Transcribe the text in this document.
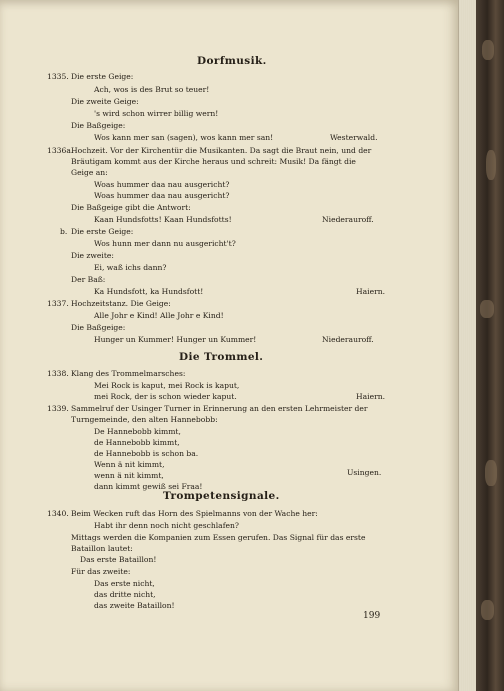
Dorfmusik.
Die Trommel.
Trompetensignale.
1335. Die erste Geige:
Ach, wos is des Brut so teuer!
Die zweite Geige:
's wird schon wirrer billig wern!
Die Baßgeige:
Wos kann mer san (sagen), wos kann mer san!	Westerwald.
1336a.
Hochzeit. Vor der Kirchentür die Musikanten. Da sagt die Braut nein, und der
Bräutigam kommt aus der Kirche heraus und schreit: Musik! Da fängt die
Geige an:
Woas hummer daa nau ausgericht?
Woas hummer daa nau ausgericht?
Die Baßgeige gibt die Antwort:
Kaan Hundsfotts! Kaan Hundsfotts!	Niederauroff.
b. Die erste Geige:
Wos hunn mer dann nu ausgericht't?
Die zweite:
Ei, waß ichs dann?
Der Baß:
Ka Hundsfott, ka Hundsfott!	Haiern.
1337. Hochzeitstanz. Die Geige:
Alle Johr e Kind! Alle Johr e Kind!
Die Baßgeige:
Hunger un Kummer! Hunger un Kummer!	Niederauroff.
1338. Klang des Trommelmarsches:
Mei Rock is kaput, mei Rock is kaput,
mei Rock, der is schon wieder kaput.	Haiern.
1339. Sammelruf der Usinger Turner in Erinnerung an den ersten Lehrmeister der
Turngemeinde, den alten Hannebobb:
De Hannebobb kimmt,
de Hannebobb kimmt,
de Hannebobb is schon ba.
Wenn ä nit kimmt,
wenn ä nit kimmt,
dann kimmt gewiß sei Fraa!
Usingen.
1340. Beim Wecken ruft das Horn des Spielmanns von der Wache her:
Habt ihr denn noch nicht geschlafen?
Mittags werden die Kompanien zum Essen gerufen. Das Signal für das erste
Bataillon lautet:
Das erste Bataillon!
Für das zweite:
Das erste nicht,
das dritte nicht,
das zweite Bataillon!
199
